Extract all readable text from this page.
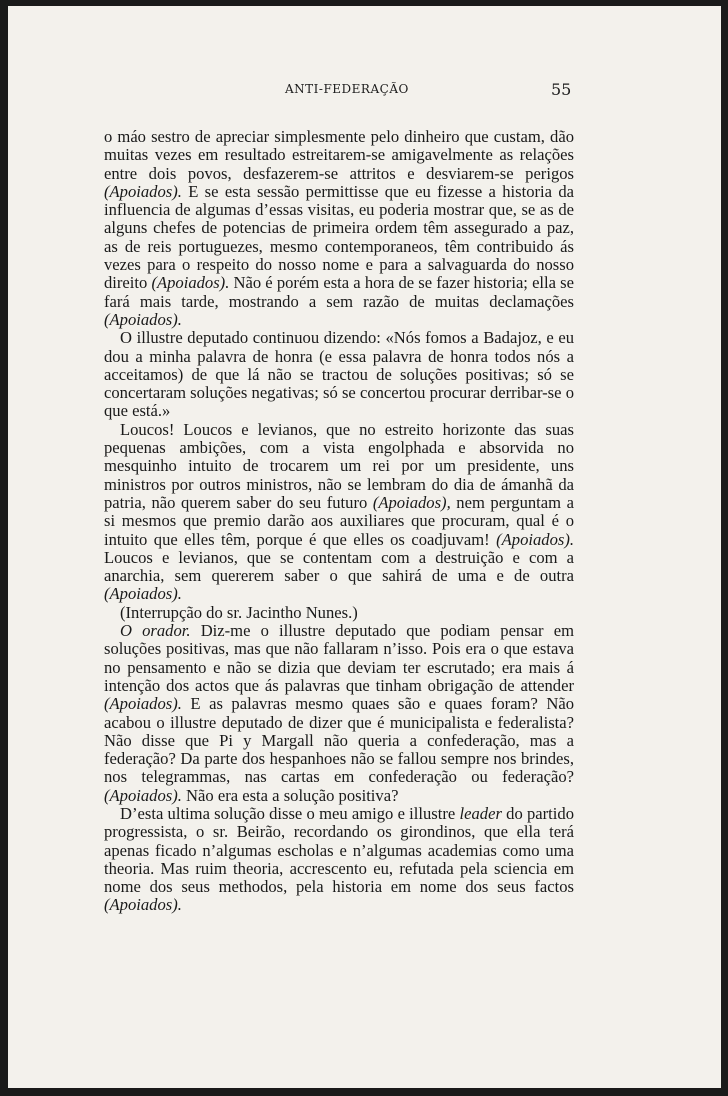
ANTI-FEDERAÇÃO	55

o máo sestro de apreciar simplesmente pelo dinheiro que custam, dão muitas vezes em resultado estreitarem-se amigavelmente as relações entre dois povos, desfazerem-se attritos e desviarem-se perigos (Apoiados). E se esta sessão permittisse que eu fizesse a historia da influencia de algumas d’essas visitas, eu poderia mostrar que, se as de alguns chefes de potencias de primeira ordem têm assegurado a paz, as de reis portuguezes, mesmo contemporaneos, têm contribuido ás vezes para o respeito do nosso nome e para a salvaguarda do nosso direito (Apoiados). Não é porém esta a hora de se fazer historia; ella se fará mais tarde, mostrando a sem razão de muitas declamações (Apoiados).

O illustre deputado continuou dizendo: «Nós fomos a Badajoz, e eu dou a minha palavra de honra (e essa palavra de honra todos nós a acceitamos) de que lá não se tractou de soluções positivas; só se concertaram soluções negativas; só se concertou procurar derribar-se o que está.»

Loucos! Loucos e levianos, que no estreito horizonte das suas pequenas ambições, com a vista engolphada e absorvida no mesquinho intuito de trocarem um rei por um presidente, uns ministros por outros ministros, não se lembram do dia de ámanhã da patria, não querem saber do seu futuro (Apoiados), nem perguntam a si mesmos que premio darão aos auxiliares que procuram, qual é o intuito que elles têm, porque é que elles os coadjuvam! (Apoiados). Loucos e levianos, que se contentam com a destruição e com a anarchia, sem quererem saber o que sahirá de uma e de outra (Apoiados).

(Interrupção do sr. Jacintho Nunes.)

O orador. Diz-me o illustre deputado que podiam pensar em soluções positivas, mas que não fallaram n’isso. Pois era o que estava no pensamento e não se dizia que deviam ter escrutado; era mais á intenção dos actos que ás palavras que tinham obrigação de attender (Apoiados). E as palavras mesmo quaes são e quaes foram? Não acabou o illustre deputado de dizer que é municipalista e federalista? Não disse que Pi y Margall não queria a confederação, mas a federação? Da parte dos hespanhoes não se fallou sempre nos brindes, nos telegrammas, nas cartas em confederação ou federação? (Apoiados). Não era esta a solução positiva?

D’esta ultima solução disse o meu amigo e illustre leader do partido progressista, o sr. Beirão, recordando os girondinos, que ella terá apenas ficado n’algumas escholas e n’algumas academias como uma theoria. Mas ruim theoria, accrescento eu, refutada pela sciencia em nome dos seus methodos, pela historia em nome dos seus factos (Apoiados).
